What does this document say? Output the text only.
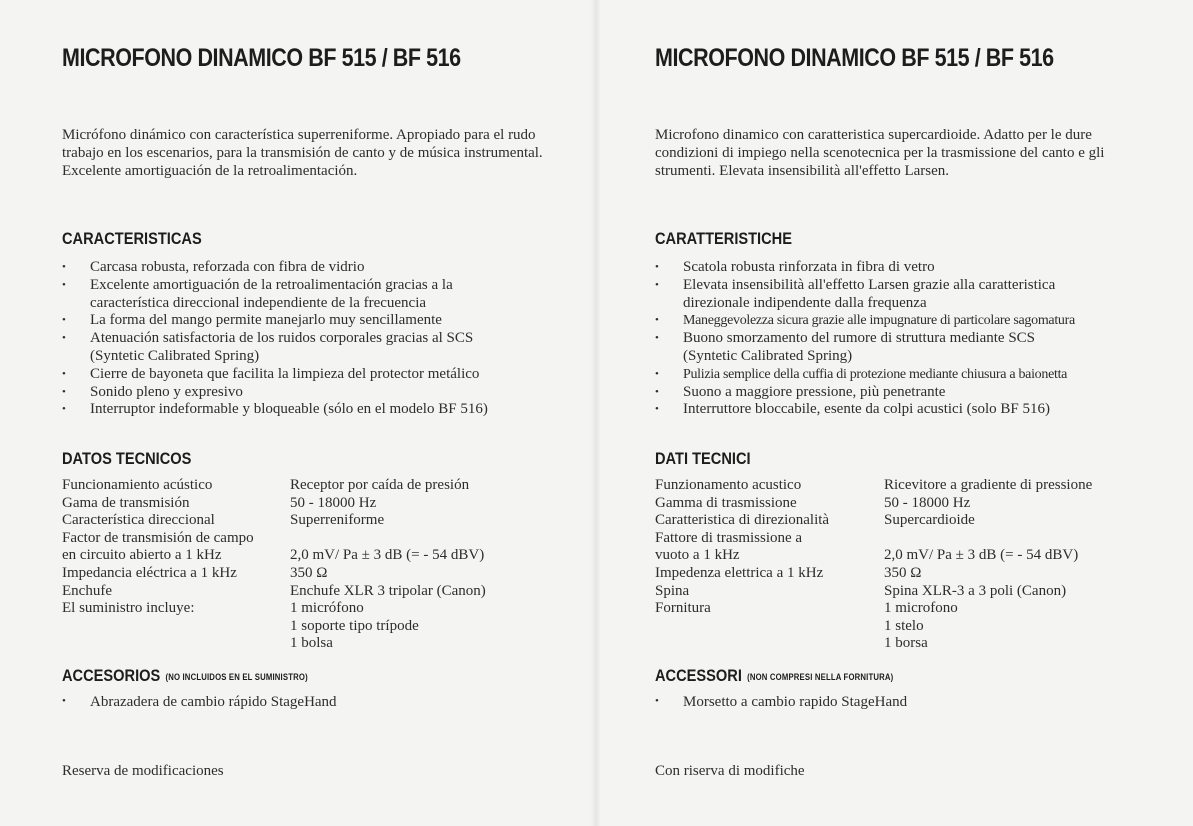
MICROFONO DINAMICO BF 515 / BF 516
Micrófono dinámico con característica superreniforme. Apropiado para el rudo trabajo en los escenarios, para la transmisión de canto y de música instrumental. Excelente amortiguación de la retroalimentación.
CARACTERISTICAS
• Carcasa robusta, reforzada con fibra de vidrio
• Excelente amortiguación de la retroalimentación gracias a la característica direccional independiente de la frecuencia
• La forma del mango permite manejarlo muy sencillamente
• Atenuación satisfactoria de los ruidos corporales gracias al SCS (Syntetic Calibrated Spring)
• Cierre de bayoneta que facilita la limpieza del protector metálico
• Sonido pleno y expresivo
• Interruptor indeformable y bloqueable (sólo en el modelo BF 516)
DATOS TECNICOS
Funcionamiento acústico
Gama de transmisión
Característica direccional
Factor de transmisión de campo
en circuito abierto a 1 kHz
Impedancia eléctrica a 1 kHz
Enchufe
El suministro incluye:
Receptor por caída de presión
50 - 18000 Hz
Superreniforme
2,0 mV/ Pa ± 3 dB (= - 54 dBV)
350 Ω
Enchufe XLR 3 tripolar (Canon)
1 micrófono
1 soporte tipo trípode
1 bolsa
ACCESORIOS (NO INCLUIDOS EN EL SUMINISTRO)
• Abrazadera de cambio rápido StageHand
Reserva de modificaciones
MICROFONO DINAMICO BF 515 / BF 516
Microfono dinamico con caratteristica supercardioide. Adatto per le dure condizioni di impiego nella scenotecnica per la trasmissione del canto e gli strumenti. Elevata insensibilità all'effetto Larsen.
CARATTERISTICHE
• Scatola robusta rinforzata in fibra di vetro
• Elevata insensibilità all'effetto Larsen grazie alla caratteristica direzionale indipendente dalla frequenza
• Maneggevolezza sicura grazie alle impugnature di particolare sagomatura
• Buono smorzamento del rumore di struttura mediante SCS (Syntetic Calibrated Spring)
• Pulizia semplice della cuffia di protezione mediante chiusura a baionetta
• Suono a maggiore pressione, più penetrante
• Interruttore bloccabile, esente da colpi acustici (solo BF 516)
DATI TECNICI
Funzionamento acustico
Gamma di trasmissione
Caratteristica di direzionalità
Fattore di trasmissione a
vuoto a 1 kHz
Impedenza elettrica a 1 kHz
Spina
Fornitura
Ricevitore a gradiente di pressione
50 - 18000 Hz
Supercardioide
2,0 mV/ Pa ± 3 dB (= - 54 dBV)
350 Ω
Spina XLR-3 a 3 poli (Canon)
1 microfono
1 stelo
1 borsa
ACCESSORI (NON COMPRESI NELLA FORNITURA)
• Morsetto a cambio rapido StageHand
Con riserva di modifiche
